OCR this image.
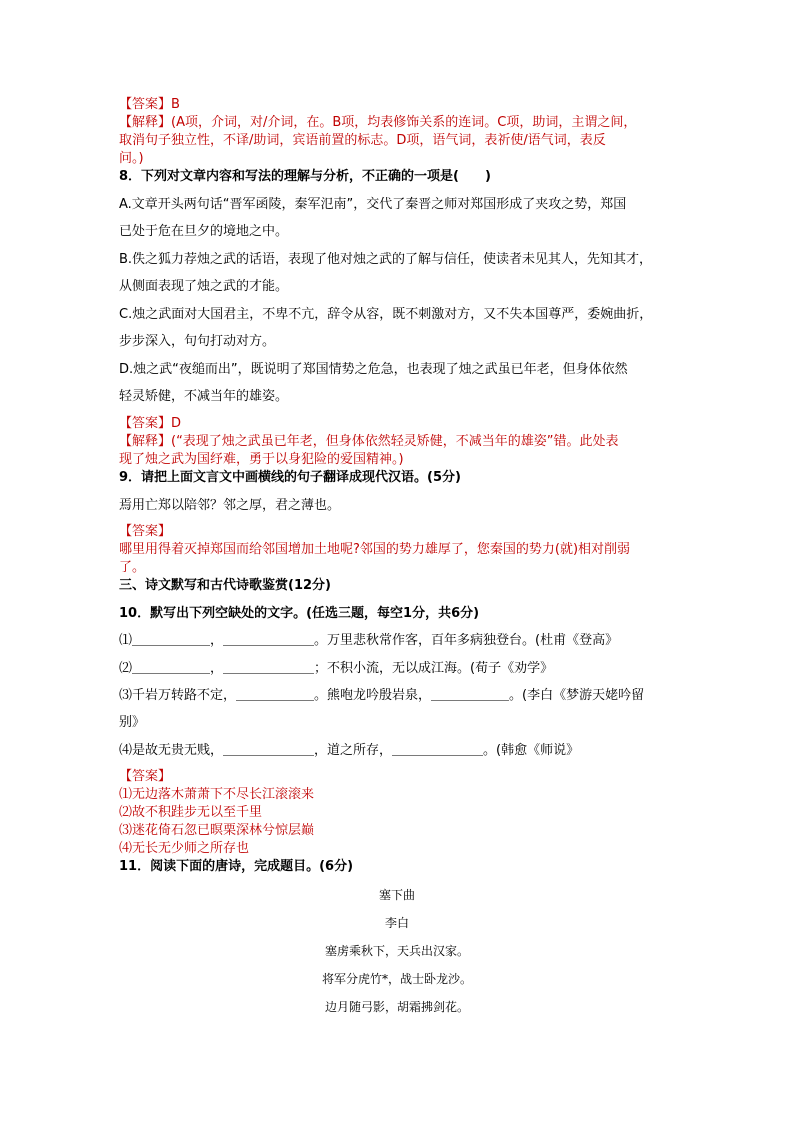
【答案】B
【解释】(A项，介词，对/介词，在。B项，均表修饰关系的连词。C项，助词，主谓之间，
取消句子独立性，不译/助词，宾语前置的标志。D项，语气词，表祈使/语气词，表反
问。)
8．下列对文章内容和写法的理解与分析，不正确的一项是(　　)
A.文章开头两句话“晋军函陵，秦军氾南”，交代了秦晋之师对郑国形成了夹攻之势，郑国
已处于危在旦夕的境地之中。
B.佚之狐力荐烛之武的话语，表现了他对烛之武的了解与信任，使读者未见其人，先知其才，
从侧面表现了烛之武的才能。
C.烛之武面对大国君主，不卑不亢，辞令从容，既不刺激对方，又不失本国尊严，委婉曲折，
步步深入，句句打动对方。
D.烛之武“夜缒而出”，既说明了郑国情势之危急，也表现了烛之武虽已年老，但身体依然
轻灵矫健，不减当年的雄姿。
【答案】D
【解释】(“表现了烛之武虽已年老，但身体依然轻灵矫健，不减当年的雄姿”错。此处表
现了烛之武为国纾难，勇于以身犯险的爱国精神。)
9．请把上面文言文中画横线的句子翻译成现代汉语。(5分)
焉用亡郑以陪邻？邻之厚，君之薄也。
【答案】
哪里用得着灭掉郑国而给邻国增加土地呢?邻国的势力雄厚了，您秦国的势力(就)相对削弱
了。
三、诗文默写和古代诗歌鉴赏(12分)
10．默写出下列空缺处的文字。(任选三题，每空1分，共6分)
⑴＿＿＿＿＿＿，＿＿＿＿＿＿＿。万里悲秋常作客，百年多病独登台。(杜甫《登高》
⑵＿＿＿＿＿＿，＿＿＿＿＿＿＿；不积小流，无以成江海。(荀子《劝学》
⑶千岩万转路不定，＿＿＿＿＿＿。熊咆龙吟殷岩泉，＿＿＿＿＿＿。(李白《梦游天姥吟留
别》
⑷是故无贵无贱，＿＿＿＿＿＿＿，道之所存，＿＿＿＿＿＿＿。(韩愈《师说》
【答案】
⑴无边落木萧萧下不尽长江滚滚来
⑵故不积跬步无以至千里
⑶迷花倚石忽已暝栗深林兮惊层巅
⑷无长无少师之所存也
11．阅读下面的唐诗，完成题目。(6分)
塞下曲
李白
塞虏乘秋下，天兵出汉家。
将军分虎竹*，战士卧龙沙。
边月随弓影，胡霜拂剑花。
